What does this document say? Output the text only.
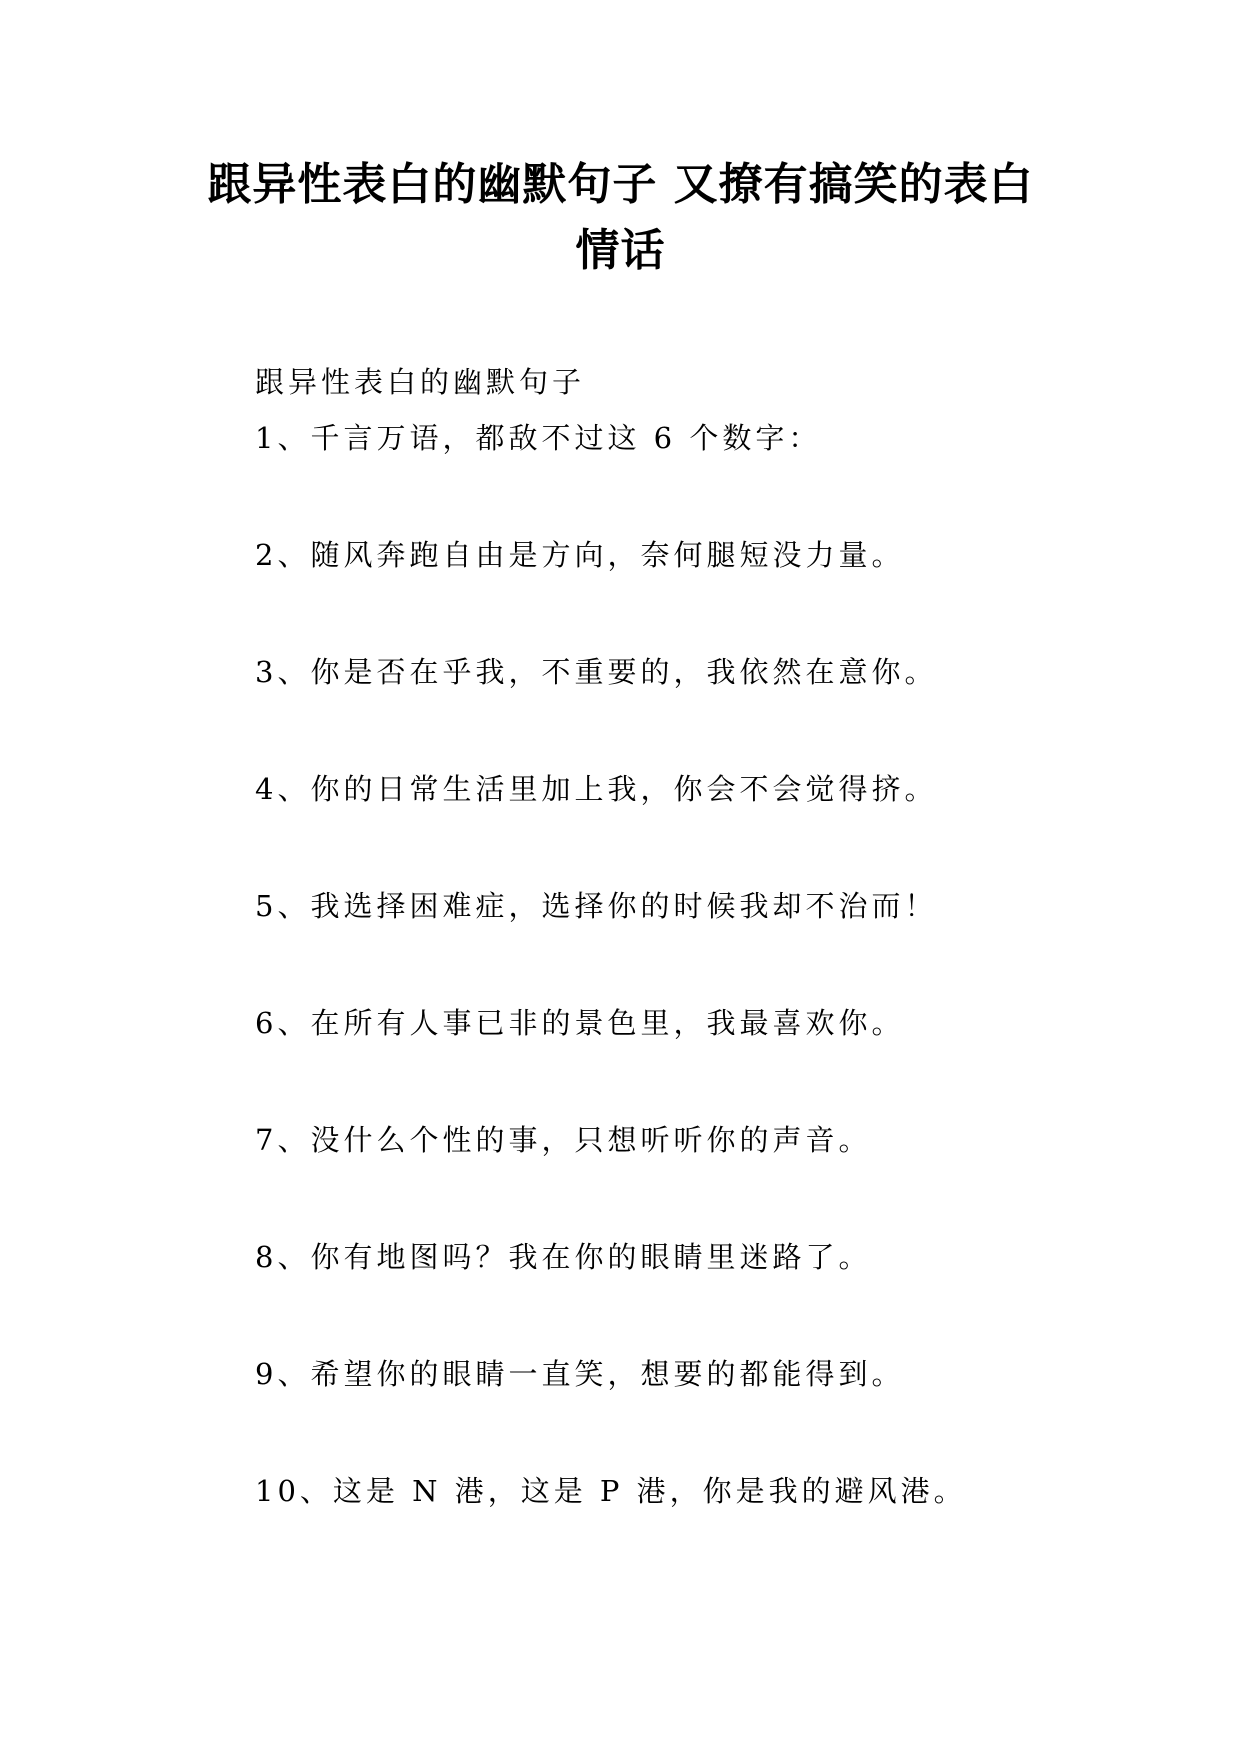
跟异性表白的幽默句子 又撩有搞笑的表白
情话
跟异性表白的幽默句子
1、千言万语，都敌不过这 6 个数字：
2、随风奔跑自由是方向，奈何腿短没力量。
3、你是否在乎我，不重要的，我依然在意你。
4、你的日常生活里加上我，你会不会觉得挤。
5、我选择困难症，选择你的时候我却不治而！
6、在所有人事已非的景色里，我最喜欢你。
7、没什么个性的事，只想听听你的声音。
8、你有地图吗？我在你的眼睛里迷路了。
9、希望你的眼睛一直笑，想要的都能得到。
10、这是 N 港，这是 P 港，你是我的避风港。
